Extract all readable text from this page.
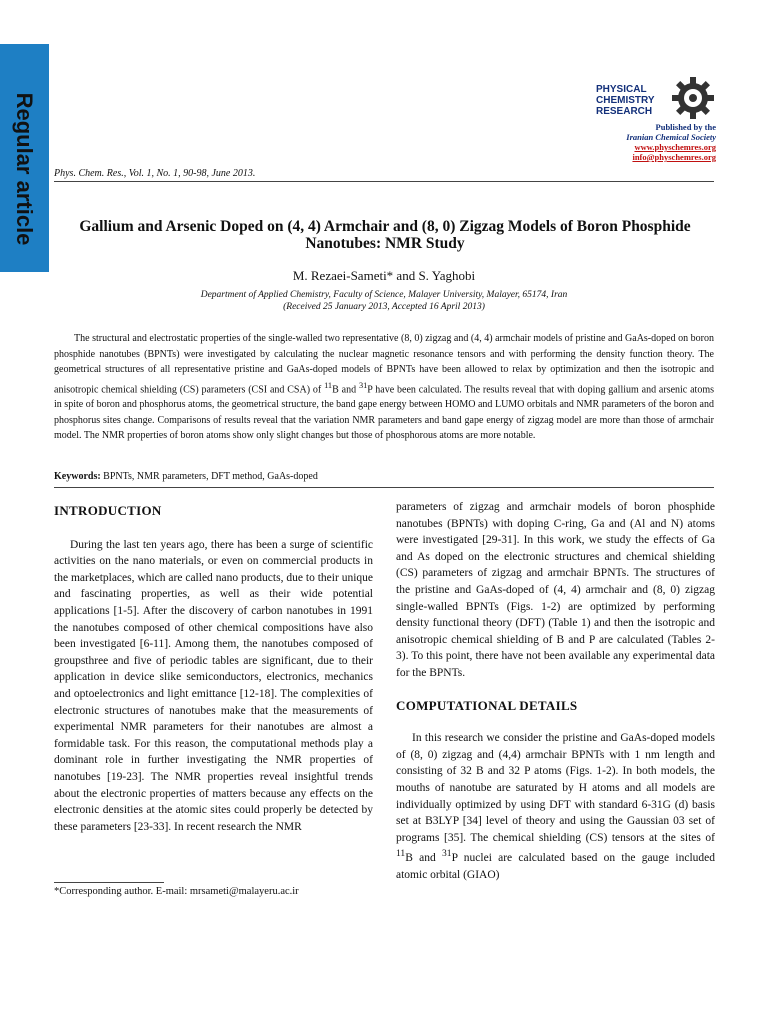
Regular article
PHYSICAL
CHEMISTRY
RESEARCH
Published by the
Iranian Chemical Society
www.physchemres.org
info@physchemres.org
Phys. Chem. Res., Vol. 1, No. 1, 90-98, June 2013.
Gallium and Arsenic Doped on (4, 4) Armchair and (8, 0) Zigzag Models of Boron Phosphide Nanotubes: NMR Study
M. Rezaei-Sameti* and S. Yaghobi
Department of Applied Chemistry, Faculty of Science, Malayer University, Malayer, 65174, Iran
(Received 25 January 2013, Accepted 16 April 2013)

The structural and electrostatic properties of the single-walled two representative (8, 0) zigzag and (4, 4) armchair models of pristine and GaAs-doped on boron phosphide nanotubes (BPNTs) were investigated by calculating the nuclear magnetic resonance tensors and with performing the density function theory. The geometrical structures of all representative pristine and GaAs-doped models of BPNTs have been allowed to relax by optimization and then the isotropic and anisotropic chemical shielding (CS) parameters (CSI and CSA) of $^{11}$B and $^{31}$P have been calculated. The results reveal that with doping gallium and arsenic atoms in spite of boron and phosphorus atoms, the geometrical structure, the band gape energy between HOMO and LUMO orbitals and NMR parameters of the boron and phosphorus sites change. Comparisons of results reveal that the variation NMR parameters and band gape energy of zigzag model are more than those of armchair model. The NMR properties of boron atoms show only slight changes but those of phosphorous atoms are more notable.

Keywords: BPNTs, NMR parameters, DFT method, GaAs-doped

INTRODUCTION

During the last ten years ago, there has been a surge of scientific activities on the nano materials, or even on commercial products in the marketplaces, which are called nano products, due to their unique and fascinating properties, as well as their wide potential applications [1-5]. After the discovery of carbon nanotubes in 1991 the nanotubes composed of other chemical compositions have also been investigated [6-11]. Among them, the nanotubes composed of groupsthree and five of periodic tables are significant, due to their application in device slike semiconductors, electronics, mechanics and optoelectronics and light emittance [12-18]. The complexities of electronic structures of nanotubes make that the measurements of experimental NMR parameters for their nanotubes are almost a formidable task. For this reason, the computational methods play a dominant role in further investigating the NMR properties of nanotubes [19-23]. The NMR properties reveal insightful trends about the electronic properties of matters because any effects on the electronic densities at the atomic sites could properly be detected by these parameters [23-33]. In recent research the NMR

parameters of zigzag and armchair models of boron phosphide nanotubes (BPNTs) with doping C-ring, Ga and (Al and N) atoms were investigated [29-31]. In this work, we study the effects of Ga and As doped on the electronic structures and chemical shielding (CS) parameters of zigzag and armchair BPNTs. The structures of the pristine and GaAs-doped of (4, 4) armchair and (8, 0) zigzag single-walled BPNTs (Figs. 1-2) are optimized by performing density functional theory (DFT) (Table 1) and then the isotropic and anisotropic chemical shielding of B and P are calculated (Tables 2-3). To this point, there have not been available any experimental data for the BPNTs.

COMPUTATIONAL DETAILS

In this research we consider the pristine and GaAs-doped models of (8, 0) zigzag and (4,4) armchair BPNTs with 1 nm length and consisting of 32 B and 32 P atoms (Figs. 1-2). In both models, the mouths of nanotube are saturated by H atoms and all models are individually optimized by using DFT with standard 6-31G (d) basis set at B3LYP [34] level of theory and using the Gaussian 03 set of programs [35]. The chemical shielding (CS) tensors at the sites of $^{11}$B and $^{31}$P nuclei are calculated based on the gauge included atomic orbital (GIAO)

*Corresponding author. E-mail: mrsameti@malayeru.ac.ir
